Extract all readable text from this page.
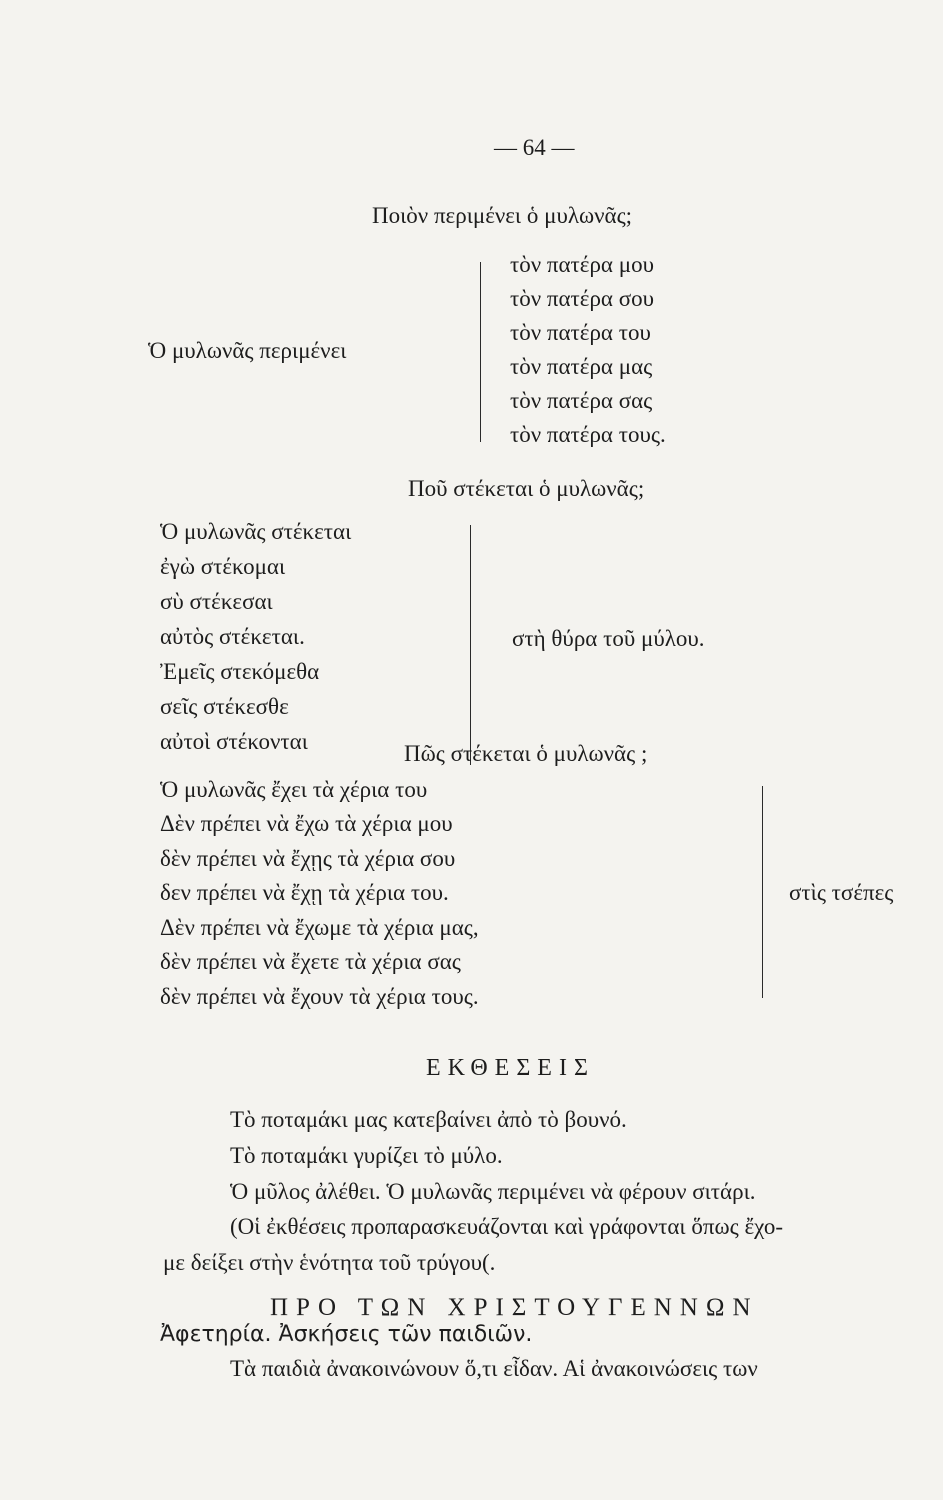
— 64 —
Ποιὸν περιμένει ὁ μυλωνᾶς;
Ὁ μυλωνᾶς περιμένει
τὸν πατέρα μου
τὸν πατέρα σου
τὸν πατέρα του
τὸν πατέρα μας
τὸν πατέρα σας
τὸν πατέρα τους.
Ποῦ στέκεται ὁ μυλωνᾶς;
Ὁ μυλωνᾶς στέκεται
ἐγὼ στέκομαι
σὺ στέκεσαι
αὐτὸς στέκεται.
Ἐμεῖς στεκόμεθα
σεῖς στέκεσθε
αὐτοὶ στέκονται
στὴ θύρα τοῦ μύλου.
Πῶς στέκεται ὁ μυλωνᾶς ;
Ὁ μυλωνᾶς ἔχει τὰ χέρια του
Δὲν πρέπει νὰ ἔχω τὰ χέρια μου
δὲν πρέπει νὰ ἔχῃς τὰ χέρια σου
δεν πρέπει νὰ ἔχῃ τὰ χέρια του.
Δὲν πρέπει νὰ ἔχωμε τὰ χέρια μας,
δὲν πρέπει νὰ ἔχετε τὰ χέρια σας
δὲν πρέπει νὰ ἔχουν τὰ χέρια τους.
στὶς τσέπες
ΕΚΘΕΣΕΙΣ
Τὸ ποταμάκι μας κατεβαίνει ἀπὸ τὸ βουνό.
Τὸ ποταμάκι γυρίζει τὸ μύλο.
Ὁ μῦλος ἀλέθει. Ὁ μυλωνᾶς περιμένει νὰ φέρουν σιτάρι.
(Οἱ ἐκθέσεις προπαρασκευάζονται καὶ γράφονται ὅπως ἔχο-
με δείξει στὴν ἑνότητα τοῦ τρύγου(.
ΠΡΟ ΤΩΝ ΧΡΙΣΤΟΥΓΕΝΝΩΝ
Ἀφετηρία. Ἀσκήσεις τῶν παιδιῶν.
Τὰ παιδιὰ ἀνακοινώνουν ὅ,τι εἶδαν. Αἱ ἀνακοινώσεις των
